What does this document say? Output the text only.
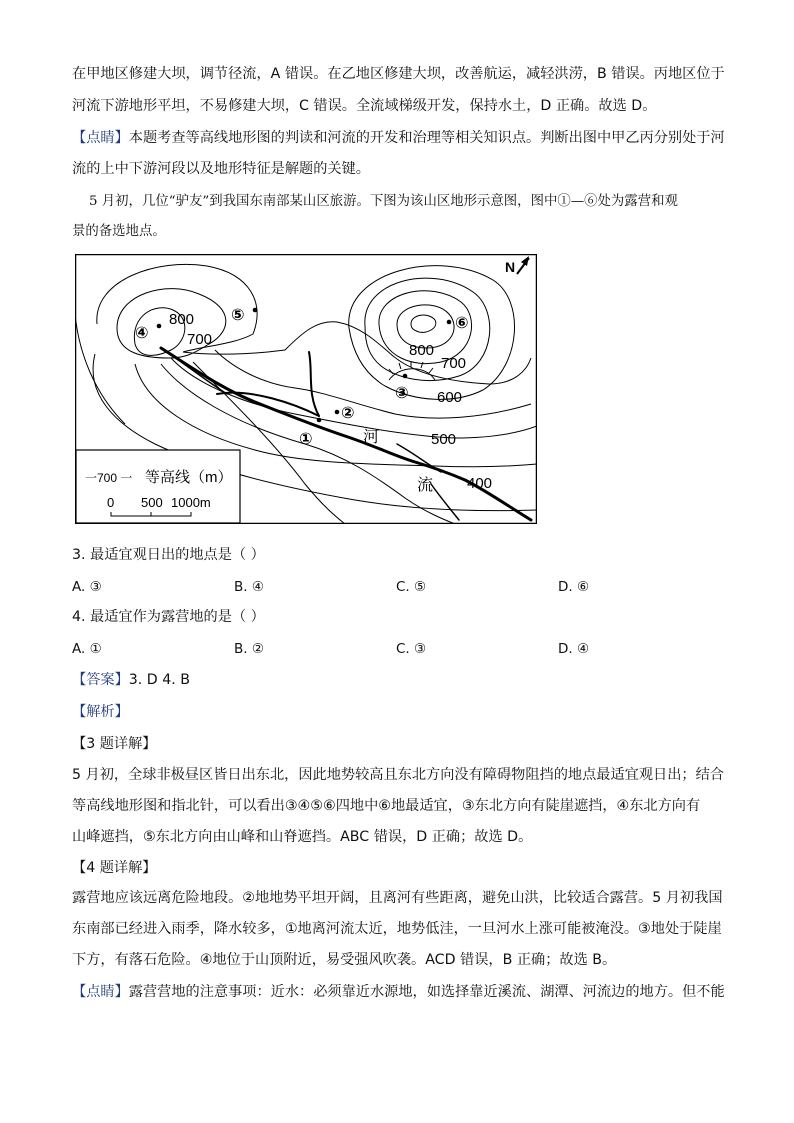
在甲地区修建大坝，调节径流，A 错误。在乙地区修建大坝，改善航运，减轻洪涝，B 错误。丙地区位于
河流下游地形平坦，不易修建大坝，C 错误。全流域梯级开发，保持水土，D 正确。故选 D。
【点睛】本题考查等高线地形图的判读和河流的开发和治理等相关知识点。判断出图中甲乙丙分别处于河
流的上中下游河段以及地形特征是解题的关键。
5 月初，几位“驴友”到我国东南部某山区旅游。下图为该山区地形示意图，图中①—⑥处为露营和观
景的备选地点。
N
800
700
800
700
600
500
400
④
⑤	⑥
③
②
①	河
流
一700 一 等高线（m）
0 500 1000m
3. 最适宜观日出的地点是（ ）
A. ③	B. ④	C. ⑤	D. ⑥
4. 最适宜作为露营地的是（ ）
A. ①	B. ②	C. ③	D. ④
【答案】3. D 4. B
【解析】
【3 题详解】
5 月初，全球非极昼区皆日出东北，因此地势较高且东北方向没有障碍物阻挡的地点最适宜观日出；结合
等高线地形图和指北针，可以看出③④⑤⑥四地中⑥地最适宜，③东北方向有陡崖遮挡，④东北方向有
山峰遮挡，⑤东北方向由山峰和山脊遮挡。ABC 错误，D 正确；故选 D。
【4 题详解】
露营地应该远离危险地段。②地地势平坦开阔，且离河有些距离，避免山洪，比较适合露营。5 月初我国
东南部已经进入雨季，降水较多，①地离河流太近，地势低洼，一旦河水上涨可能被淹没。③地处于陡崖
下方，有落石危险。④地位于山顶附近，易受强风吹袭。ACD 错误，B 正确；故选 B。
【点睛】露营营地的注意事项：近水：必须靠近水源地，如选择靠近溪流、湖潭、河流边的地方。但不能
